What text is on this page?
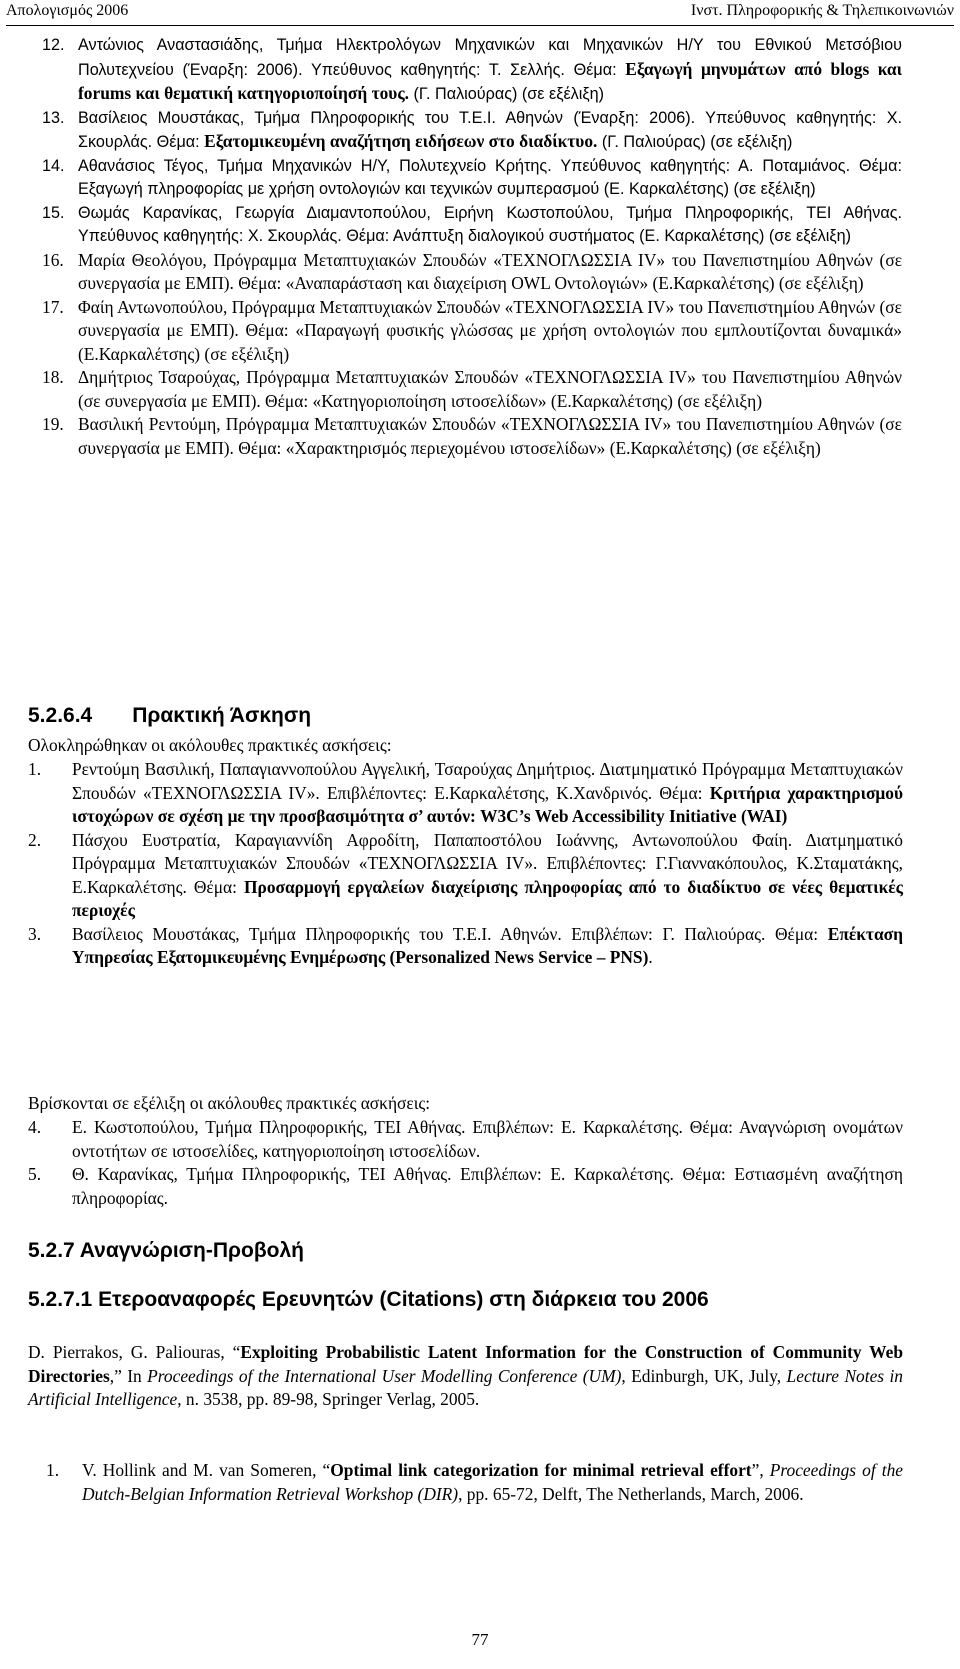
Απολογισμός 2006	Ινστ. Πληροφορικής & Τηλεπικοινωνιών
12. Αντώνιος Αναστασιάδης, Τμήμα Ηλεκτρολόγων Μηχανικών και Μηχανικών Η/Υ του Εθνικού Μετσόβιου Πολυτεχνείου (Έναρξη: 2006). Υπεύθυνος καθηγητής: Τ. Σελλής. Θέμα: Εξαγωγή μηνυμάτων από blogs και forums και θεματική κατηγοριοποίησή τους. (Γ. Παλιούρας) (σε εξέλιξη)
13. Βασίλειος Μουστάκας, Τμήμα Πληροφορικής του Τ.Ε.Ι. Αθηνών (Έναρξη: 2006). Υπεύθυνος καθηγητής: Χ. Σκουρλάς. Θέμα: Εξατομικευμένη αναζήτηση ειδήσεων στο διαδίκτυο. (Γ. Παλιούρας) (σε εξέλιξη)
14. Αθανάσιος Τέγος, Τμήμα Μηχανικών Η/Υ, Πολυτεχνείο Κρήτης. Υπεύθυνος καθηγητής: Α. Ποταμιάνος. Θέμα: Εξαγωγή πληροφορίας με χρήση οντολογιών και τεχνικών συμπερασμού (Ε. Καρκαλέτσης) (σε εξέλιξη)
15. Θωμάς Καρανίκας, Γεωργία Διαμαντοπούλου, Ειρήνη Κωστοπούλου, Τμήμα Πληροφορικής, ΤΕΙ Αθήνας. Υπεύθυνος καθηγητής: Χ. Σκουρλάς. Θέμα: Ανάπτυξη διαλογικού συστήματος (Ε. Καρκαλέτσης) (σε εξέλιξη)
16. Μαρία Θεολόγου, Πρόγραμμα Μεταπτυχιακών Σπουδών «ΤΕΧΝΟΓΛΩΣΣΙΑ IV» του Πανεπιστημίου Αθηνών (σε συνεργασία με ΕΜΠ). Θέμα: «Αναπαράσταση και διαχείριση OWL Οντολογιών» (Ε.Καρκαλέτσης) (σε εξέλιξη)
17. Φαίη Αντωνοπούλου, Πρόγραμμα Μεταπτυχιακών Σπουδών «ΤΕΧΝΟΓΛΩΣΣΙΑ IV» του Πανεπιστημίου Αθηνών (σε συνεργασία με ΕΜΠ). Θέμα: «Παραγωγή φυσικής γλώσσας με χρήση οντολογιών που εμπλουτίζονται δυναμικά» (Ε.Καρκαλέτσης) (σε εξέλιξη)
18. Δημήτριος Τσαρούχας, Πρόγραμμα Μεταπτυχιακών Σπουδών «ΤΕΧΝΟΓΛΩΣΣΙΑ IV» του Πανεπιστημίου Αθηνών (σε συνεργασία με ΕΜΠ). Θέμα: «Κατηγοριοποίηση ιστοσελίδων» (Ε.Καρκαλέτσης) (σε εξέλιξη)
19. Βασιλική Ρεντούμη, Πρόγραμμα Μεταπτυχιακών Σπουδών «ΤΕΧΝΟΓΛΩΣΣΙΑ IV» του Πανεπιστημίου Αθηνών (σε συνεργασία με ΕΜΠ). Θέμα: «Χαρακτηρισμός περιεχομένου ιστοσελίδων» (Ε.Καρκαλέτσης) (σε εξέλιξη)
5.2.6.4 Πρακτική Άσκηση
Ολοκληρώθηκαν οι ακόλουθες πρακτικές ασκήσεις:
1. Ρεντούμη Βασιλική, Παπαγιαννοπούλου Αγγελική, Τσαρούχας Δημήτριος. Διατμηματικό Πρόγραμμα Μεταπτυχιακών Σπουδών «ΤΕΧΝΟΓΛΩΣΣΙΑ IV». Επιβλέποντες: Ε.Καρκαλέτσης, Κ.Χανδρινός. Θέμα: Κριτήρια χαρακτηρισμού ιστοχώρων σε σχέση με την προσβασιμότητα σ’ αυτόν: W3C’s Web Accessibility Initiative (WAI)
2. Πάσχου Ευστρατία, Καραγιαννίδη Αφροδίτη, Παπαποστόλου Ιωάννης, Αντωνοπούλου Φαίη. Διατμηματικό Πρόγραμμα Μεταπτυχιακών Σπουδών «ΤΕΧΝΟΓΛΩΣΣΙΑ IV». Επιβλέποντες: Γ.Γιαννακόπουλος, Κ.Σταματάκης, Ε.Καρκαλέτσης. Θέμα: Προσαρμογή εργαλείων διαχείρισης πληροφορίας από το διαδίκτυο σε νέες θεματικές περιοχές
3. Βασίλειος Μουστάκας, Τμήμα Πληροφορικής του Τ.Ε.Ι. Αθηνών. Επιβλέπων: Γ. Παλιούρας. Θέμα: Επέκταση Υπηρεσίας Εξατομικευμένης Ενημέρωσης (Personalized News Service – PNS).
Βρίσκονται σε εξέλιξη οι ακόλουθες πρακτικές ασκήσεις:
4. Ε. Κωστοπούλου, Τμήμα Πληροφορικής, ΤΕΙ Αθήνας. Επιβλέπων: Ε. Καρκαλέτσης. Θέμα: Αναγνώριση ονομάτων οντοτήτων σε ιστοσελίδες, κατηγοριοποίηση ιστοσελίδων.
5. Θ. Καρανίκας, Τμήμα Πληροφορικής, ΤΕΙ Αθήνας. Επιβλέπων: Ε. Καρκαλέτσης. Θέμα: Εστιασμένη αναζήτηση πληροφορίας.
5.2.7 Αναγνώριση-Προβολή
5.2.7.1 Ετεροαναφορές Ερευνητών (Citations) στη διάρκεια του 2006
D. Pierrakos, G. Paliouras, “Exploiting Probabilistic Latent Information for the Construction of Community Web Directories,” In Proceedings of the International User Modelling Conference (UM), Edinburgh, UK, July, Lecture Notes in Artificial Intelligence, n. 3538, pp. 89-98, Springer Verlag, 2005.
1. V. Hollink and M. van Someren, “Optimal link categorization for minimal retrieval effort”, Proceedings of the Dutch-Belgian Information Retrieval Workshop (DIR), pp. 65-72, Delft, The Netherlands, March, 2006.
77
